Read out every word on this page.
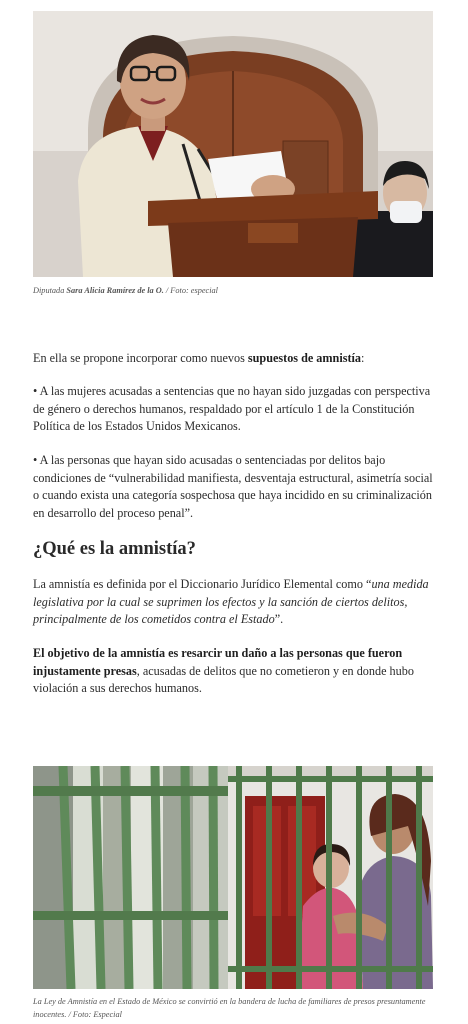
Diputada Sara Alicia Ramírez de la O. / Foto: especial

En ella se propone incorporar como nuevos supuestos de amnistía:

• A las mujeres acusadas a sentencias que no hayan sido juzgadas con perspectiva de género o derechos humanos, respaldado por el artículo 1 de la Constitución Política de los Estados Unidos Mexicanos.

• A las personas que hayan sido acusadas o sentenciadas por delitos bajo condiciones de “vulnerabilidad manifiesta, desventaja estructural, asimetría social o cuando exista una categoría sospechosa que haya incidido en su criminalización en desarrollo del proceso penal”.

¿Qué es la amnistía?

La amnistía es definida por el Diccionario Jurídico Elemental como “una medida legislativa por la cual se suprimen los efectos y la sanción de ciertos delitos, principalmente de los cometidos contra el Estado”.

El objetivo de la amnistía es resarcir un daño a las personas que fueron injustamente presas, acusadas de delitos que no cometieron y en donde hubo violación a sus derechos humanos.

La Ley de Amnistía en el Estado de México se convirtió en la bandera de lucha de familiares de presos presuntamente inocentes. / Foto: Especial
